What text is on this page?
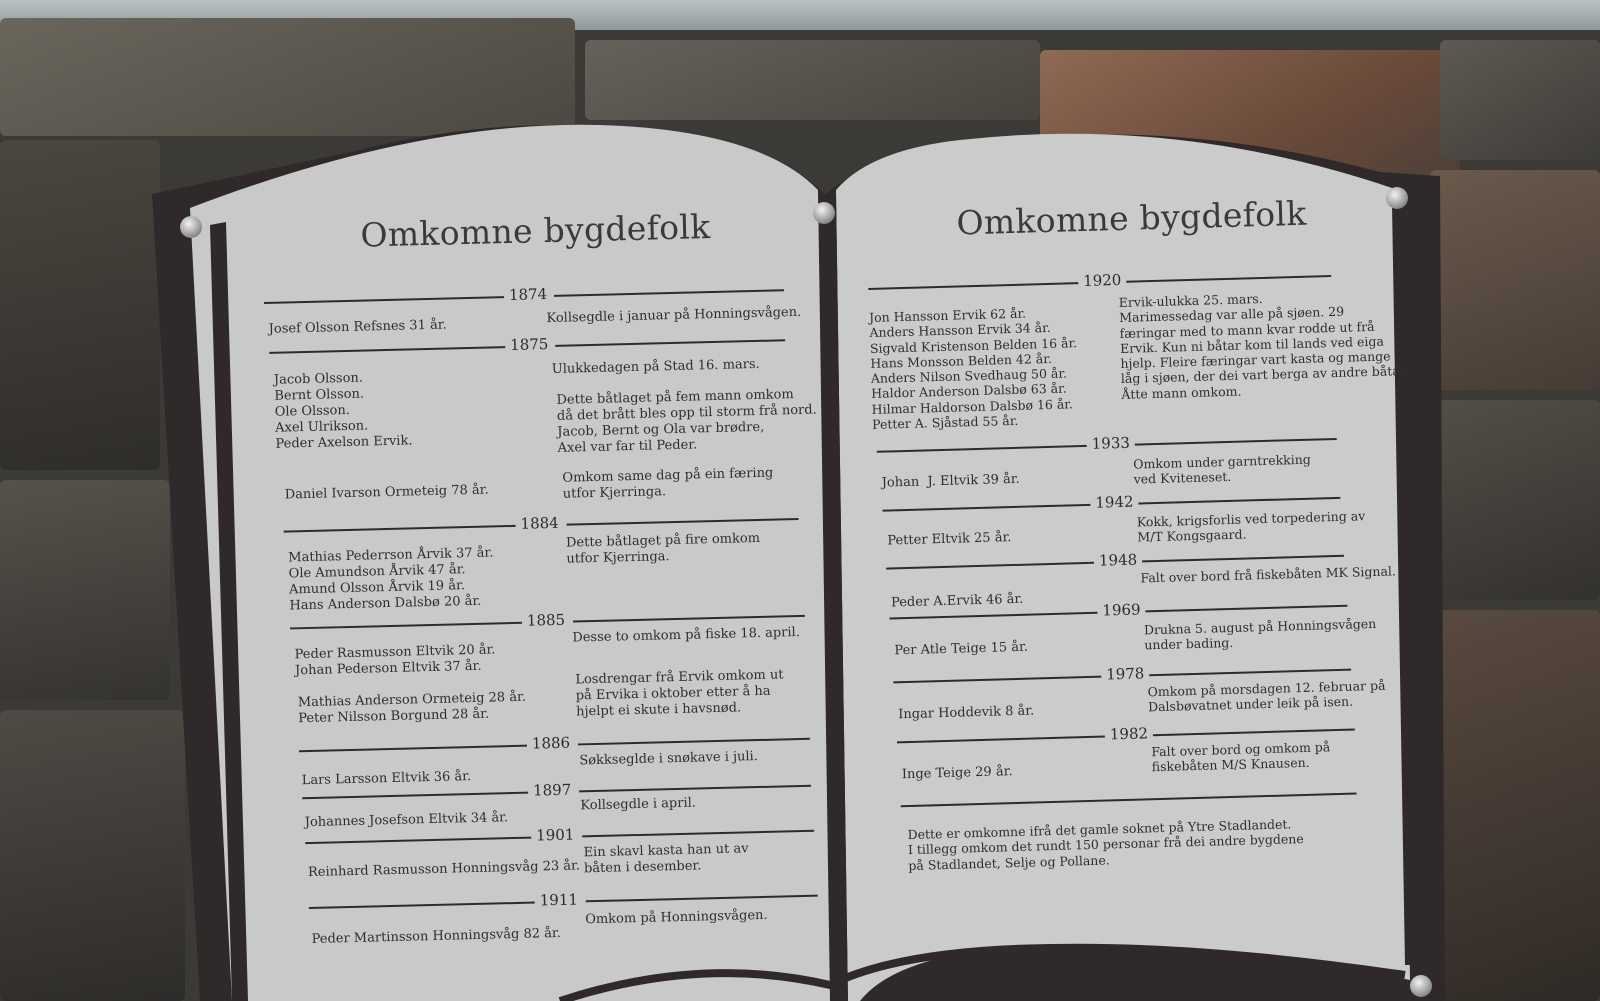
Omkomne bygdefolk
1874
Josef Olsson Refsnes 31 år.
Kollsegdle i januar på Honningsvågen.
1875
Jacob Olsson.
Bernt Olsson.
Ole Olsson.
Axel Ulrikson.
Peder Axelson Ervik.
Ulukkedagen på Stad 16. mars.
Dette båtlaget på fem mann omkom
då det brått bles opp til storm frå nord.
Jacob, Bernt og Ola var brødre,
Axel var far til Peder.
Daniel Ivarson Ormeteig 78 år.
Omkom same dag på ein færing
utfor Kjerringa.
1884
Mathias Pederrson Årvik 37 år.
Ole Amundson Årvik 47 år.
Amund Olsson Årvik 19 år.
Hans Anderson Dalsbø 20 år.
Dette båtlaget på fire omkom
utfor Kjerringa.
1885
Peder Rasmusson Eltvik 20 år.
Johan Pederson Eltvik 37 år.
Desse to omkom på fiske 18. april.
Mathias Anderson Ormeteig 28 år.
Peter Nilsson Borgund 28 år.
Losdrengar frå Ervik omkom ut
på Ervika i oktober etter å ha
hjelpt ei skute i havsnød.
1886
Lars Larsson Eltvik 36 år.
Søkksegldе i snøkave i juli.
1897
Johannes Josefson Eltvik 34 år.
Kollsegdle i april.
1901
Reinhard Rasmusson Honningsvåg 23 år.
Ein skavl kasta han ut av
båten i desember.
1911
Peder Martinsson Honningsvåg 82 år.
Omkom på Honningsvågen.
Omkomne bygdefolk
1920
Jon Hansson Ervik 62 år.
Anders Hansson Ervik 34 år.
Sigvald Kristenson Belden 16 år.
Hans Monsson Belden 42 år.
Anders Nilson Svedhaug 50 år.
Haldor Anderson Dalsbø 63 år.
Hilmar Haldorson Dalsbø 16 år.
Petter A. Sjåstad 55 år.
Ervik-ulukka 25. mars.
Marimessedag var alle på sjøen. 29
færingar med to mann kvar rodde ut frå
Ervik. Kun ni båtar kom til lands ved eiga
hjelp. Fleire færingar vart kasta og mange
låg i sjøen, der dei vart berga av andre båtar.
Åtte mann omkom.
1933
Johan  J. Eltvik 39 år.
Omkom under garntrekking
ved Kviteneset.
1942
Petter Eltvik 25 år.
Kokk, krigsforlis ved torpedering av
M/T Kongsgaard.
1948
Peder A.Ervik 46 år.
Falt over bord frå fiskebåten MK Signal.
1969
Per Atle Teige 15 år.
Drukna 5. august på Honningsvågen
under bading.
1978
Ingar Hoddevik 8 år.
Omkom på morsdagen 12. februar på
Dalsbøvatnet under leik på isen.
1982
Inge Teige 29 år.
Falt over bord og omkom på
fiskebåten M/S Knausen.
Dette er omkomne ifrå det gamle soknet på Ytre Stadlandet.
I tillegg omkom det rundt 150 personar frå dei andre bygdene
på Stadlandet, Selje og Pollane.
